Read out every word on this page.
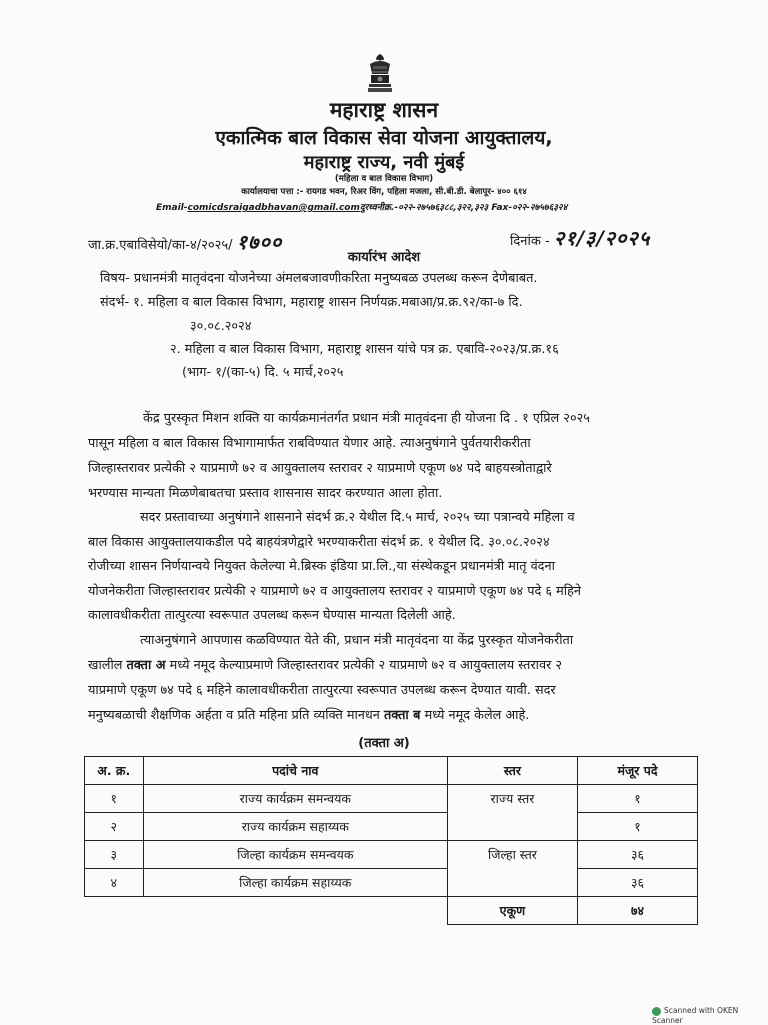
महाराष्ट्र शासन
एकात्मिक बाल विकास सेवा योजना आयुक्तालय,
महाराष्ट्र राज्य, नवी मुंबई
(महिला व बाल विकास विभाग)
कार्यालयाचा पत्ता :- रायगड भवन, रिअर विंग, पहिला मजला, सी.बी.डी. बेलापूर- ४०० ६१४
Email-comicdsraigadbhavan@gmail.comदुरध्वनीक्र.-०२२-२७५७६३८८,३२२,३२३ Fax-०२२-२७५७६३२४
जा.क्र.एबाविसेयो/का-४/२०२५/ १७००	दिनांक - २१/३/२०२५
कार्यारंभ आदेश
विषय- प्रधानमंत्री मातृवंदना योजनेच्या अंमलबजावणीकरिता मनुष्यबळ उपलब्ध करून देणेबाबत.
संदर्भ- १. महिला व बाल विकास विभाग, महाराष्ट्र शासन निर्णयक्र.मबाआ/प्र.क्र.९२/का-७ दि.
३०.०८.२०२४
२. महिला व बाल विकास विभाग, महाराष्ट्र शासन यांचे पत्र क्र. एबावि-२०२३/प्र.क्र.१६
(भाग- १/(का-५) दि. ५ मार्च,२०२५
केंद्र पुरस्कृत मिशन शक्ति या कार्यक्रमानंतर्गत प्रधान मंत्री मातृवंदना ही योजना दि . १ एप्रिल २०२५
पासून महिला व बाल विकास विभागामार्फत राबविण्यात येणार आहे. त्याअनुषंगाने पुर्वतयारीकरीता
जिल्हास्तरावर प्रत्येकी २ याप्रमाणे ७२ व आयुक्तालय स्तरावर २ याप्रमाणे एकूण ७४ पदे बाहयस्त्रोताद्वारे
भरण्यास मान्यता मिळणेबाबतचा प्रस्ताव शासनास सादर करण्यात आला होता.
सदर प्रस्तावाच्या अनुषंगाने शासनाने संदर्भ क्र.२ येथील दि.५ मार्च, २०२५ च्या पत्रान्वये महिला व
बाल विकास आयुक्तालयाकडील पदे बाहयंत्रणेद्वारे भरण्याकरीता संदर्भ क्र. १ येथील दि. ३०.०८.२०२४
रोजीच्या शासन निर्णयान्वये नियुक्त केलेल्या मे.ब्रिस्क इंडिया प्रा.लि.,या संस्थेकडून प्रधानमंत्री मातृ वंदना
योजनेकरीता जिल्हास्तरावर प्रत्येकी २ याप्रमाणे ७२ व आयुक्तालय स्तरावर २ याप्रमाणे एकूण ७४ पदे ६ महिने
कालावधीकरीता तात्पुरत्या स्वरूपात उपलब्ध करून घेण्यास मान्यता दिलेली आहे.
त्याअनुषंगाने आपणास कळविण्यात येते की, प्रधान मंत्री मातृवंदना या केंद्र पुरस्कृत योजनेकरीता
खालील तक्ता अ मध्ये नमूद केल्याप्रमाणे जिल्हास्तरावर प्रत्येकी २ याप्रमाणे ७२ व आयुक्तालय स्तरावर २
याप्रमाणे एकूण ७४ पदे ६ महिने कालावधीकरीता तात्पुरत्या स्वरूपात उपलब्ध करून देण्यात यावी. सदर
मनुष्यबळाची शैक्षणिक अर्हता व प्रति महिना प्रति व्यक्ति मानधन तक्ता ब मध्ये नमूद केलेल आहे.
(तक्ता अ)
अ. क्र.	पदांचे नाव	स्तर	मंजूर पदे
१	राज्य कार्यक्रम समन्वयक	राज्य स्तर	१
२	राज्य कार्यक्रम सहाय्यक		१
३	जिल्हा कार्यक्रम समन्वयक	जिल्हा स्तर	३६
४	जिल्हा कार्यक्रम सहाय्यक		३६
		एकूण	७४
Scanned with OKEN Scanner
